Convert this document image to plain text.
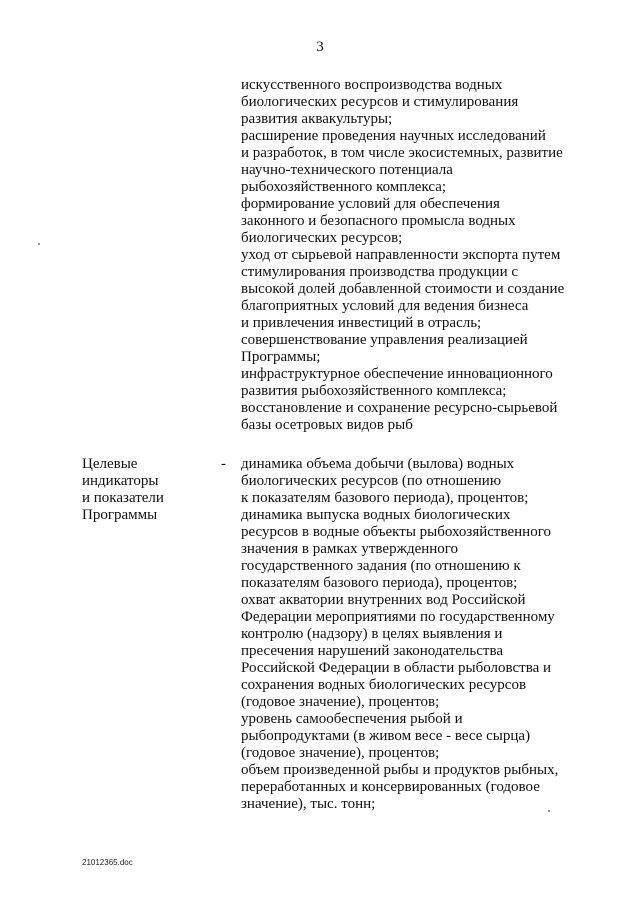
3
искусственного воспроизводства водных
биологических ресурсов и стимулирования
развития аквакультуры;
расширение проведения научных исследований
и разработок, в том числе экосистемных, развитие
научно-технического потенциала
рыбохозяйственного комплекса;
формирование условий для обеспечения
законного и безопасного промысла водных
биологических ресурсов;
уход от сырьевой направленности экспорта путем
стимулирования производства продукции с
высокой долей добавленной стоимости и создание
благоприятных условий для ведения бизнеса
и привлечения инвестиций в отрасль;
совершенствование управления реализацией
Программы;
инфраструктурное обеспечение инновационного
развития рыбохозяйственного комплекса;
восстановление и сохранение ресурсно-сырьевой
базы осетровых видов рыб
Целевые
индикаторы
и показатели
Программы
- динамика объема добычи (вылова) водных
биологических ресурсов (по отношению
к показателям базового периода), процентов;
динамика выпуска водных биологических
ресурсов в водные объекты рыбохозяйственного
значения в рамках утвержденного
государственного задания (по отношению к
показателям базового периода), процентов;
охват акватории внутренних вод Российской
Федерации мероприятиями по государственному
контролю (надзору) в целях выявления и
пресечения нарушений законодательства
Российской Федерации в области рыболовства и
сохранения водных биологических ресурсов
(годовое значение), процентов;
уровень самообеспечения рыбой и
рыбопродуктами (в живом весе - весе сырца)
(годовое значение), процентов;
объем произведенной рыбы и продуктов рыбных,
переработанных и консервированных (годовое
значение), тыс. тонн;
21012365.doc
